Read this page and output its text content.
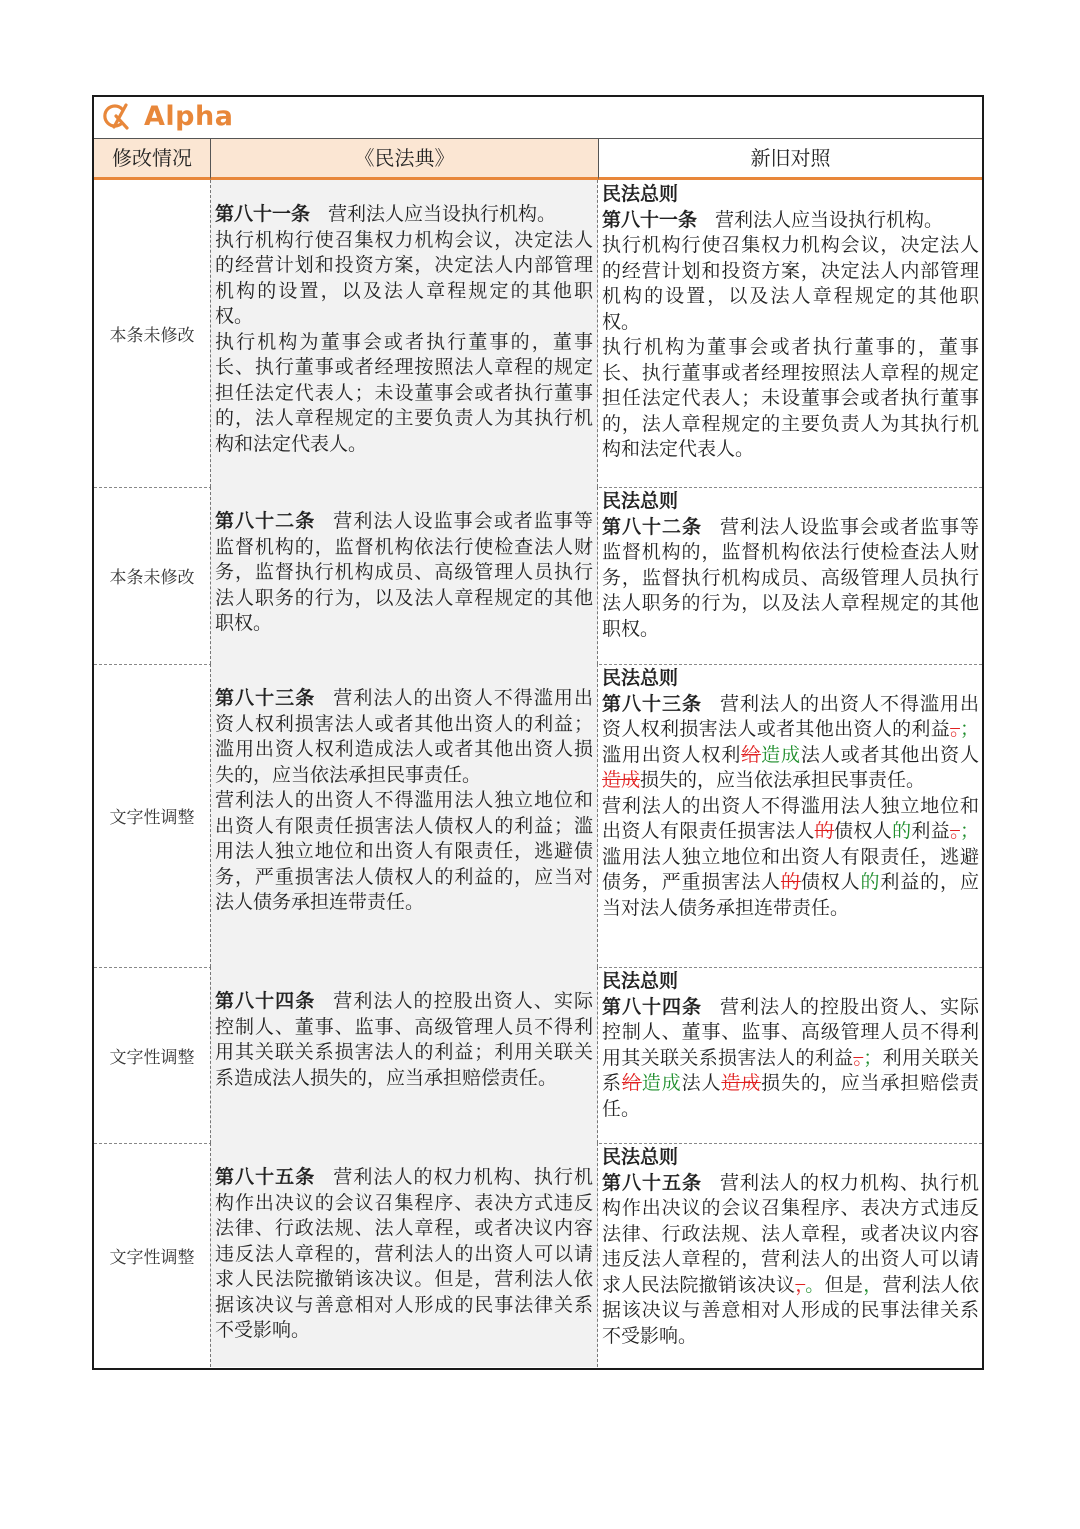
Alpha
修改情况	《民法典》	新旧对照
本条未修改
第八十一条 营利法人应当设执行机构。
执行机构行使召集权力机构会议，决定法人的经营计划和投资方案，决定法人内部管理机构的设置，以及法人章程规定的其他职权。
执行机构为董事会或者执行董事的，董事长、执行董事或者经理按照法人章程的规定担任法定代表人；未设董事会或者执行董事的，法人章程规定的主要负责人为其执行机构和法定代表人。
民法总则
第八十一条 营利法人应当设执行机构。
执行机构行使召集权力机构会议，决定法人的经营计划和投资方案，决定法人内部管理机构的设置，以及法人章程规定的其他职权。
执行机构为董事会或者执行董事的，董事长、执行董事或者经理按照法人章程的规定担任法定代表人；未设董事会或者执行董事的，法人章程规定的主要负责人为其执行机构和法定代表人。
本条未修改
第八十二条 营利法人设监事会或者监事等监督机构的，监督机构依法行使检查法人财务，监督执行机构成员、高级管理人员执行法人职务的行为，以及法人章程规定的其他职权。
民法总则
第八十二条 营利法人设监事会或者监事等监督机构的，监督机构依法行使检查法人财务，监督执行机构成员、高级管理人员执行法人职务的行为，以及法人章程规定的其他职权。
文字性调整
第八十三条 营利法人的出资人不得滥用出资人权利损害法人或者其他出资人的利益；滥用出资人权利造成法人或者其他出资人损失的，应当依法承担民事责任。
营利法人的出资人不得滥用法人独立地位和出资人有限责任损害法人债权人的利益；滥用法人独立地位和出资人有限责任，逃避债务，严重损害法人债权人的利益的，应当对法人债务承担连带责任。
民法总则
第八十三条 营利法人的出资人不得滥用出资人权利损害法人或者其他出资人的利益。；滥用出资人权利给造成法人或者其他出资人造成损失的，应当依法承担民事责任。
营利法人的出资人不得滥用法人独立地位和出资人有限责任损害法人的债权人的利益。；滥用法人独立地位和出资人有限责任，逃避债务，严重损害法人的债权人的利益的，应当对法人债务承担连带责任。
文字性调整
第八十四条 营利法人的控股出资人、实际控制人、董事、监事、高级管理人员不得利用其关联关系损害法人的利益；利用关联关系造成法人损失的，应当承担赔偿责任。
民法总则
第八十四条 营利法人的控股出资人、实际控制人、董事、监事、高级管理人员不得利用其关联关系损害法人的利益。；利用关联关系给造成法人造成损失的，应当承担赔偿责任。
文字性调整
第八十五条 营利法人的权力机构、执行机构作出决议的会议召集程序、表决方式违反法律、行政法规、法人章程，或者决议内容违反法人章程的，营利法人的出资人可以请求人民法院撤销该决议。但是，营利法人依据该决议与善意相对人形成的民事法律关系不受影响。
民法总则
第八十五条 营利法人的权力机构、执行机构作出决议的会议召集程序、表决方式违反法律、行政法规、法人章程，或者决议内容违反法人章程的，营利法人的出资人可以请求人民法院撤销该决议，。但是，营利法人依据该决议与善意相对人形成的民事法律关系不受影响。
